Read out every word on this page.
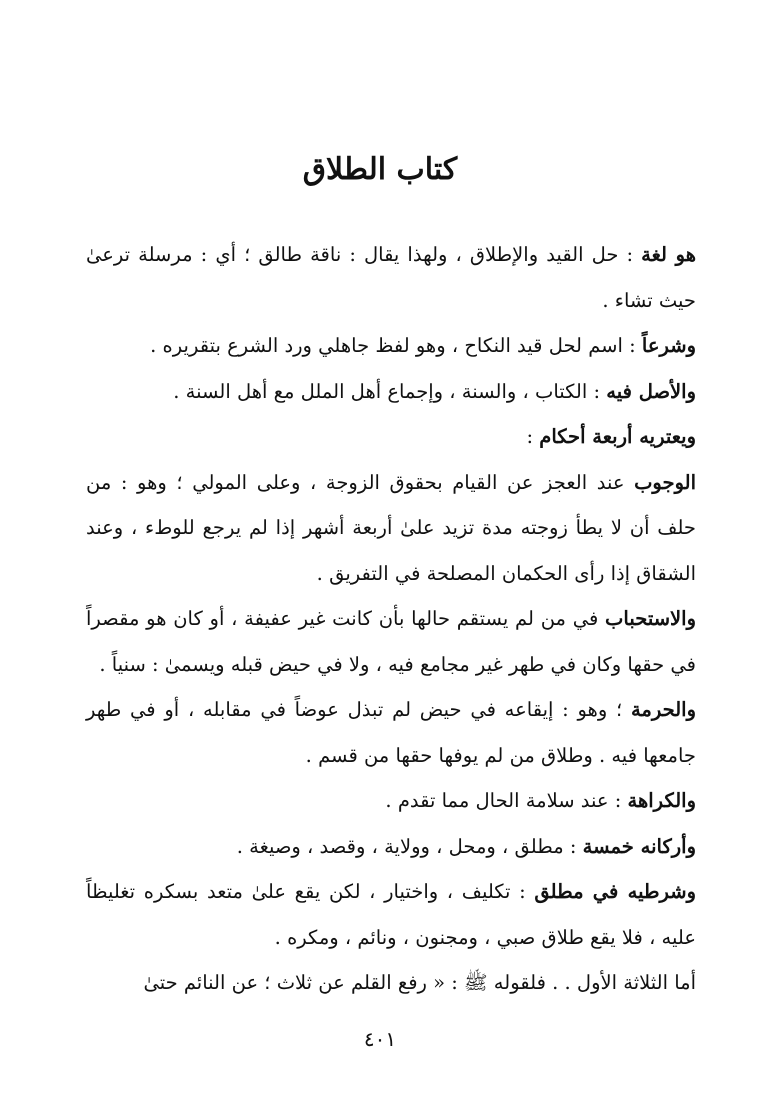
كتاب الطلاق

هو لغة : حل القيد والإطلاق ، ولهذا يقال : ناقة طالق ؛ أي : مرسلة ترعىٰ حيث تشاء .

وشرعاً : اسم لحل قيد النكاح ، وهو لفظ جاهلي ورد الشرع بتقريره .

والأصل فيه : الكتاب ، والسنة ، وإجماع أهل الملل مع أهل السنة .

ويعتريه أربعة أحكام :

الوجوب عند العجز عن القيام بحقوق الزوجة ، وعلى المولي ؛ وهو : من حلف أن لا يطأ زوجته مدة تزيد علىٰ أربعة أشهر إذا لم يرجع للوطء ، وعند الشقاق إذا رأى الحكمان المصلحة في التفريق .

والاستحباب في من لم يستقم حالها بأن كانت غير عفيفة ، أو كان هو مقصراً في حقها وكان في طهر غير مجامع فيه ، ولا في حيض قبله ويسمىٰ : سنياً .

والحرمة ؛ وهو : إيقاعه في حيض لم تبذل عوضاً في مقابله ، أو في طهر جامعها فيه . وطلاق من لم يوفها حقها من قسم .

والكراهة : عند سلامة الحال مما تقدم .

وأركانه خمسة : مطلق ، ومحل ، وولاية ، وقصد ، وصيغة .

وشرطيه في مطلق : تكليف ، واختيار ، لكن يقع علىٰ متعد بسكره تغليظاً عليه ، فلا يقع طلاق صبي ، ومجنون ، ونائم ، ومكره .

أما الثلاثة الأول . . فلقوله ﷺ : « رفع القلم عن ثلاث ؛ عن النائم حتىٰ

٤٠١
